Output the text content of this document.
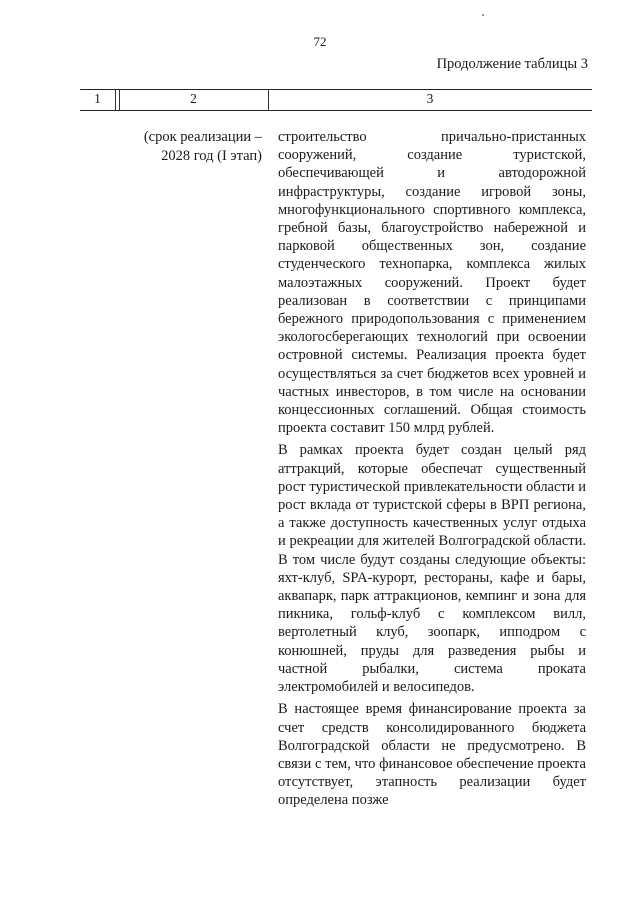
72
Продолжение таблицы 3
1	2	3
(срок реализации – 2028 год (I этап)

строительство причально-пристанных сооружений, создание туристской, обеспечивающей и автодорожной инфраструктуры, создание игровой зоны, многофункционального спортивного комплекса, гребной базы, благоустройство набережной и парковой общественных зон, создание студенческого технопарка, комплекса жилых малоэтажных сооружений. Проект будет реализован в соответствии с принципами бережного природопользования с применением экологосберегающих технологий при освоении островной системы. Реализация проекта будет осуществляться за счет бюджетов всех уровней и частных инвесторов, в том числе на основании концессионных соглашений. Общая стоимость проекта составит 150 млрд рублей.

В рамках проекта будет создан целый ряд аттракций, которые обеспечат существенный рост туристической привлекательности области и рост вклада от туристской сферы в ВРП региона, а также доступность качественных услуг отдыха и рекреации для жителей Волгоградской области. В том числе будут созданы следующие объекты: яхт-клуб, SPA-курорт, рестораны, кафе и бары, аквапарк, парк аттракционов, кемпинг и зона для пикника, гольф-клуб с комплексом вилл, вертолетный клуб, зоопарк, ипподром с конюшней, пруды для разведения рыбы и частной рыбалки, система проката электромобилей и велосипедов.

В настоящее время финансирование проекта за счет средств консолидированного бюджета Волгоградской области не предусмотрено. В связи с тем, что финансовое обеспечение проекта отсутствует, этапность реализации будет определена позже
